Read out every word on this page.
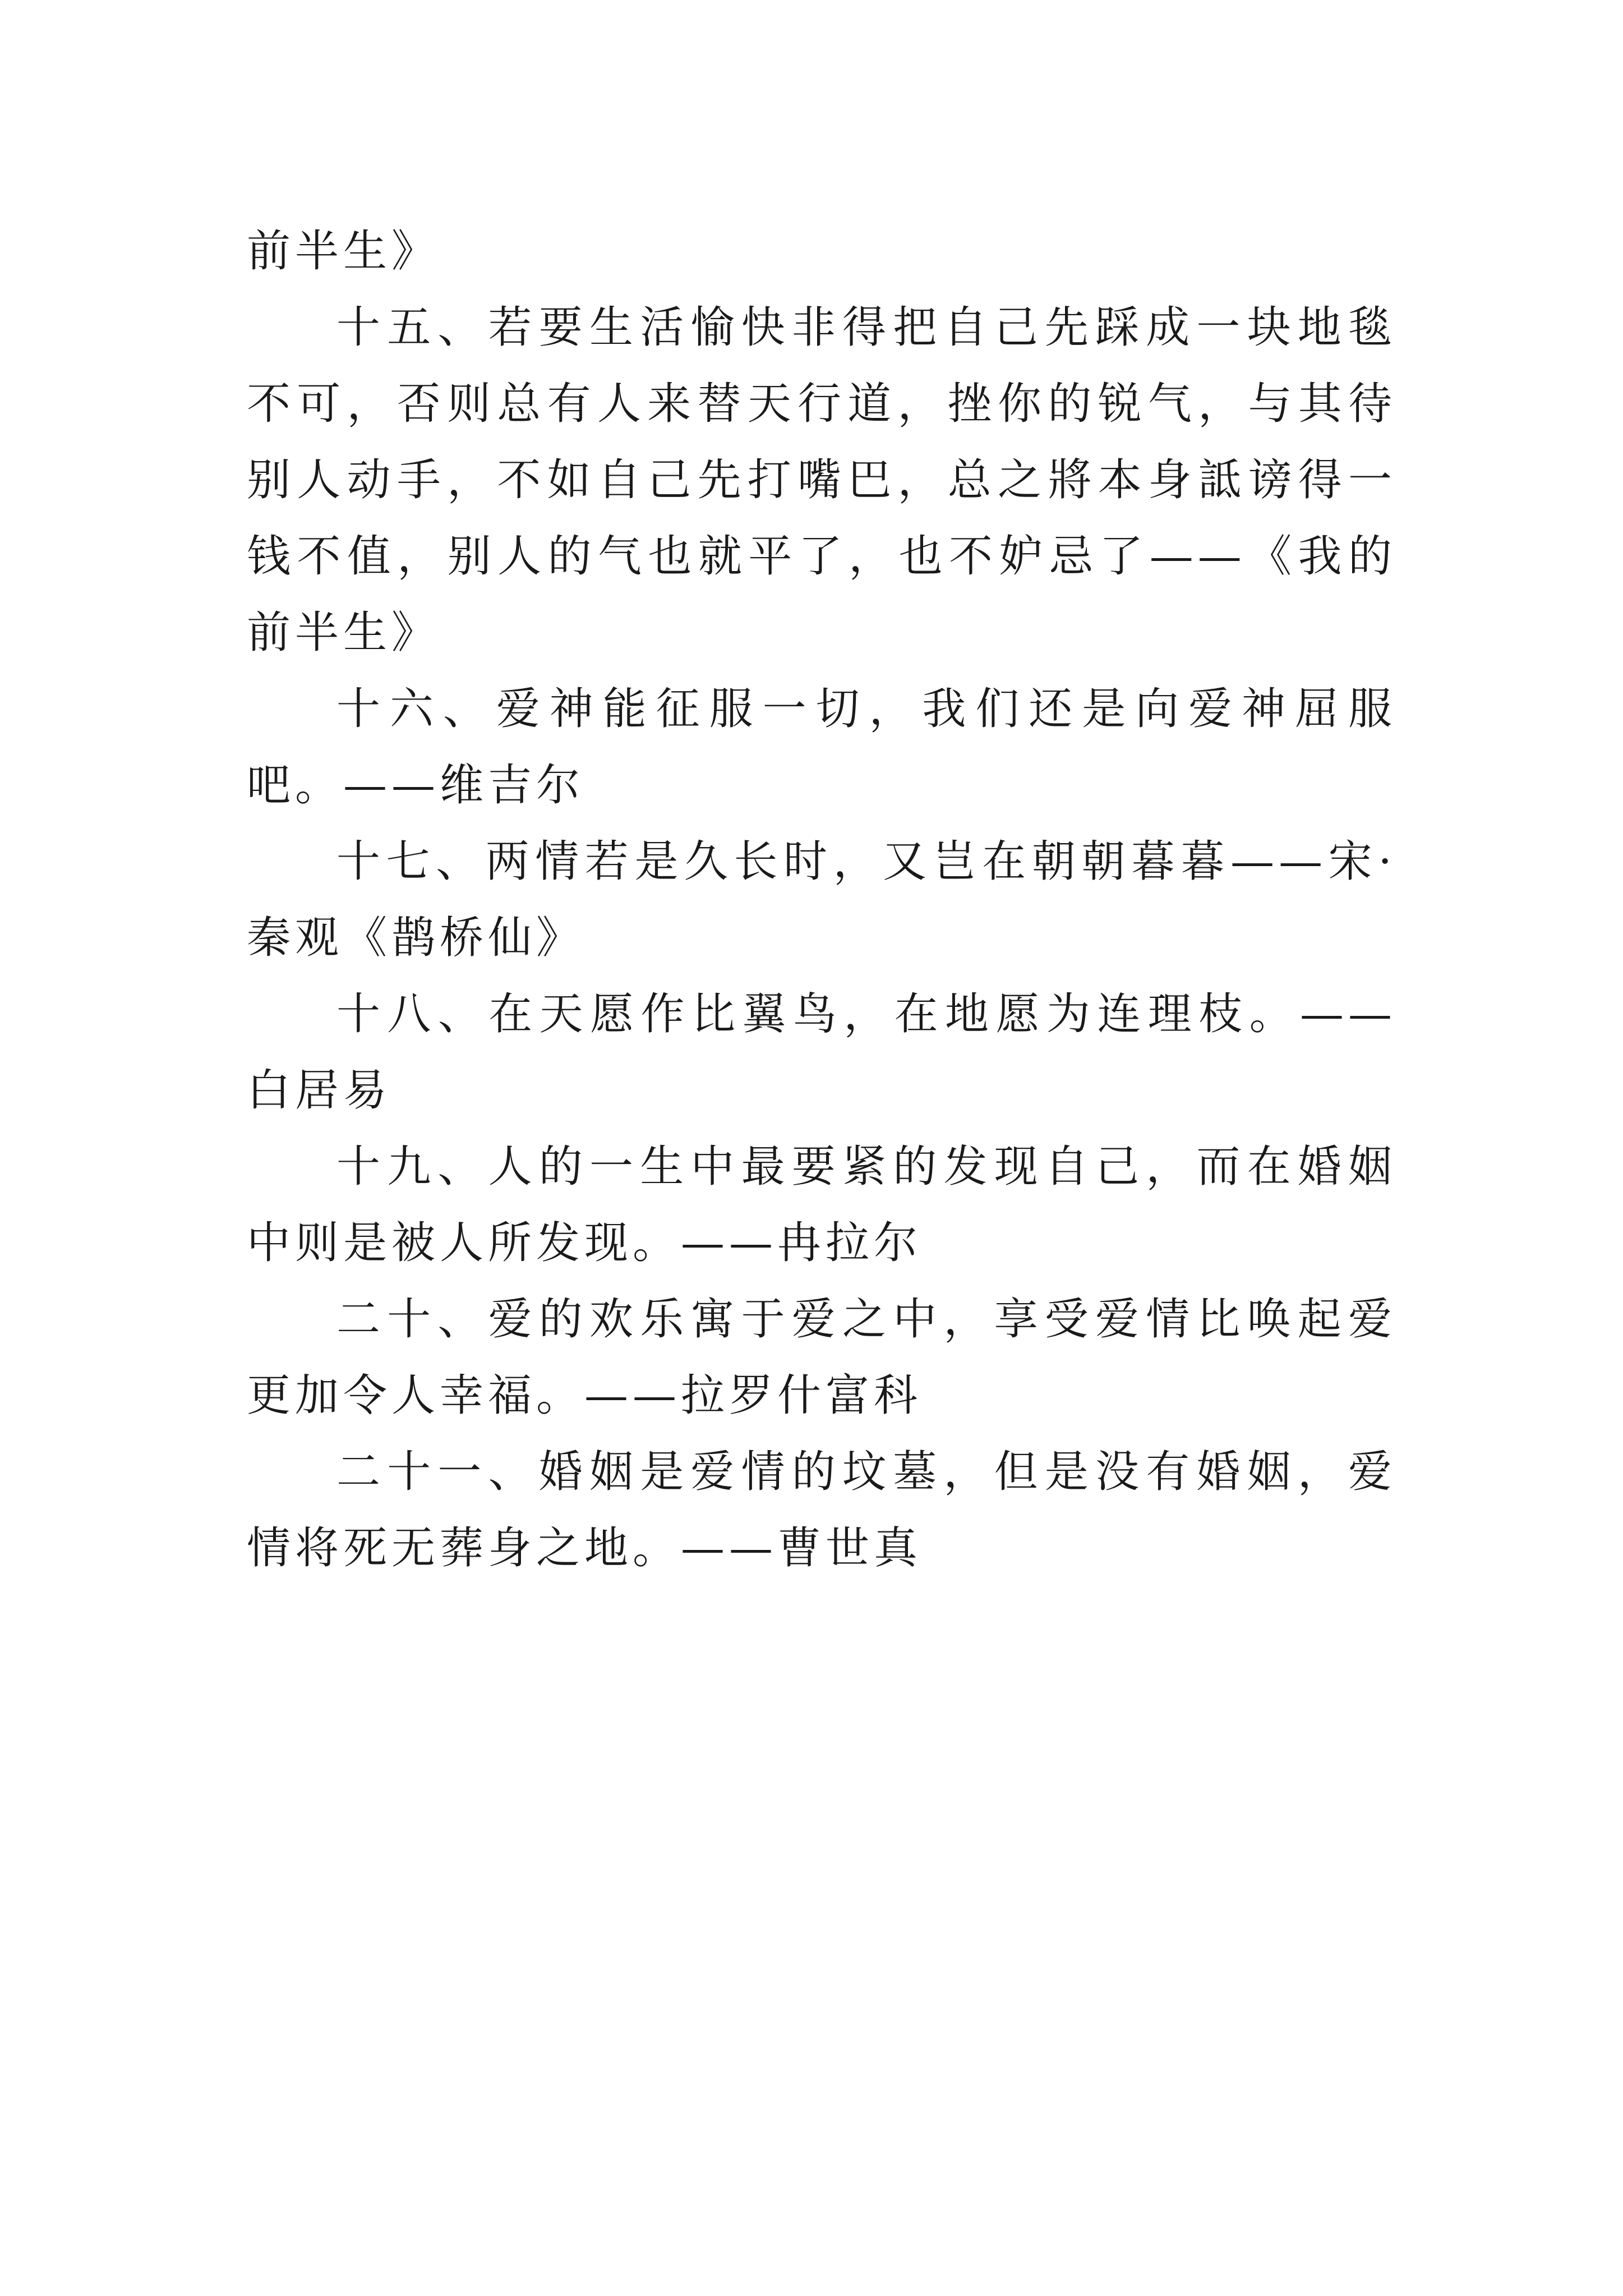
前半生》

十五、若要生活愉快非得把自己先踩成一块地毯不可，否则总有人来替天行道，挫你的锐气，与其待别人动手，不如自己先打嘴巴，总之將本身詆谤得一钱不值，别人的气也就平了，也不妒忌了——《我的前半生》

十六、爱神能征服一切，我们还是向爱神屈服吧。——维吉尔

十七、两情若是久长时，又岂在朝朝暮暮——宋·秦观《鹊桥仙》

十八、在天愿作比翼鸟，在地愿为连理枝。——白居易

十九、人的一生中最要紧的发现自己，而在婚姻中则是被人所发现。——冉拉尔

二十、爱的欢乐寓于爱之中，享受爱情比唤起爱更加令人幸福。——拉罗什富科

二十一、婚姻是爱情的坟墓，但是没有婚姻，爱情将死无葬身之地。——曹世真
